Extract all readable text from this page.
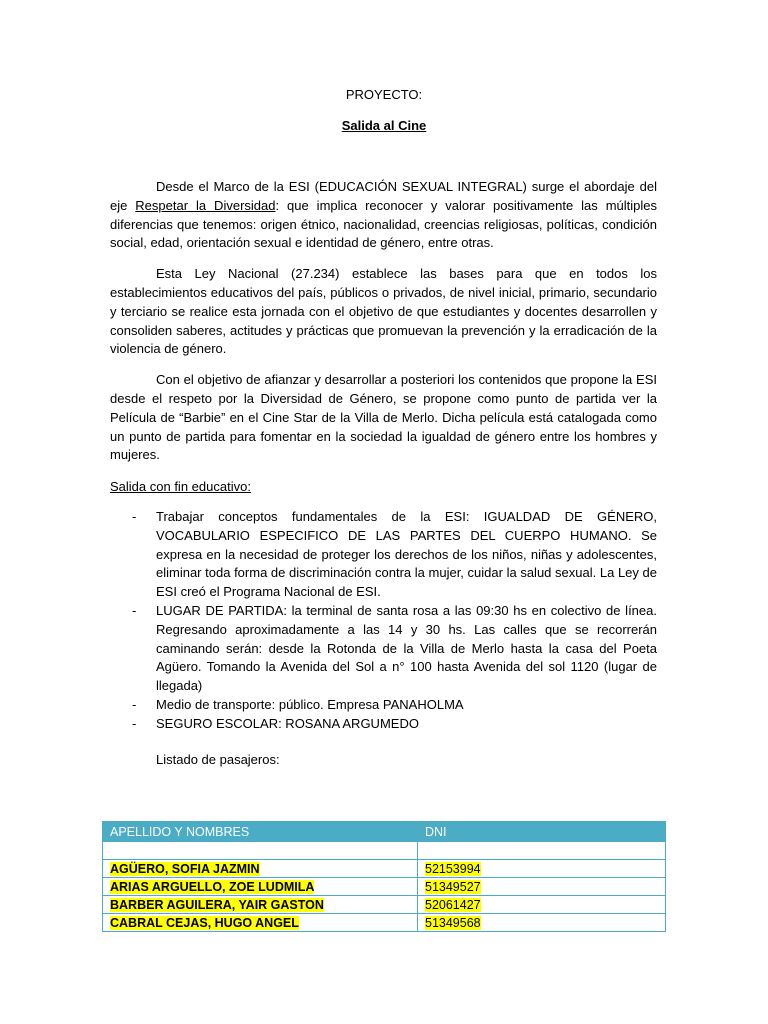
PROYECTO:
Salida al Cine

Desde el Marco de la ESI (EDUCACIÓN SEXUAL INTEGRAL) surge el abordaje del eje Respetar la Diversidad: que implica reconocer y valorar positivamente las múltiples diferencias que tenemos: origen étnico, nacionalidad, creencias religiosas, políticas, condición social, edad, orientación sexual e identidad de género, entre otras.

Esta Ley Nacional (27.234) establece las bases para que en todos los establecimientos educativos del país, públicos o privados, de nivel inicial, primario, secundario y terciario se realice esta jornada con el objetivo de que estudiantes y docentes desarrollen y consoliden saberes, actitudes y prácticas que promuevan la prevención y la erradicación de la violencia de género.

Con el objetivo de afianzar y desarrollar a posteriori los contenidos que propone la ESI desde el respeto por la Diversidad de Género, se propone como punto de partida ver la Película de “Barbie” en el Cine Star de la Villa de Merlo. Dicha película está catalogada como un punto de partida para fomentar en la sociedad la igualdad de género entre los hombres y mujeres.

Salida con fin educativo:
- Trabajar conceptos fundamentales de la ESI: IGUALDAD DE GÉNERO, VOCABULARIO ESPECIFICO DE LAS PARTES DEL CUERPO HUMANO. Se expresa en la necesidad de proteger los derechos de los niños, niñas y adolescentes, eliminar toda forma de discriminación contra la mujer, cuidar la salud sexual. La Ley de ESI creó el Programa Nacional de ESI.
- LUGAR DE PARTIDA: la terminal de santa rosa a las 09:30 hs en colectivo de línea. Regresando aproximadamente a las 14 y 30 hs. Las calles que se recorrerán caminando serán: desde la Rotonda de la Villa de Merlo hasta la casa del Poeta Agüero. Tomando la Avenida del Sol a n° 100 hasta Avenida del sol 1120 (lugar de llegada)
- Medio de transporte: público. Empresa PANAHOLMA
- SEGURO ESCOLAR: ROSANA ARGUMEDO
Listado de pasajeros:
APELLIDO Y NOMBRES	DNI

AGÜERO, SOFIA JAZMIN	52153994
ARIAS ARGUELLO, ZOE LUDMILA	51349527
BARBER AGUILERA, YAIR GASTON	52061427
CABRAL CEJAS, HUGO ANGEL	51349568
